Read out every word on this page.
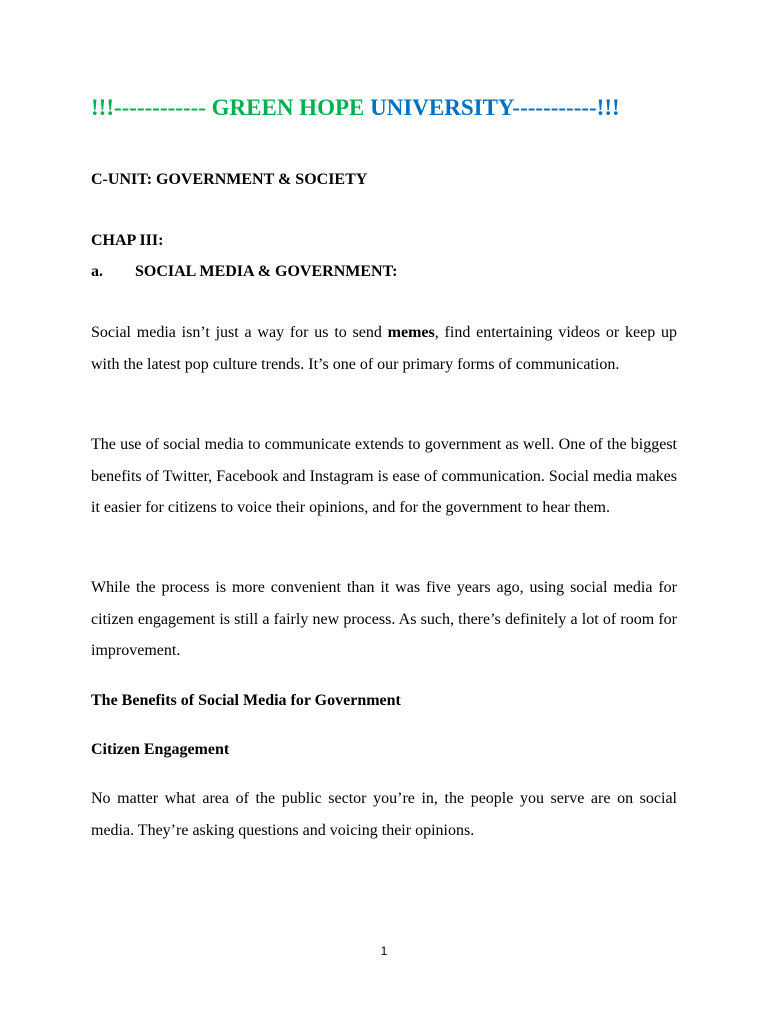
!!!------------ GREEN HOPE UNIVERSITY-----------!!!
C-UNIT: GOVERNMENT & SOCIETY
CHAP III:
a. SOCIAL MEDIA & GOVERNMENT:
Social media isn’t just a way for us to send memes, find entertaining videos or keep up with the latest pop culture trends. It’s one of our primary forms of communication.
The use of social media to communicate extends to government as well. One of the biggest benefits of Twitter, Facebook and Instagram is ease of communication. Social media makes it easier for citizens to voice their opinions, and for the government to hear them.
While the process is more convenient than it was five years ago, using social media for citizen engagement is still a fairly new process. As such, there’s definitely a lot of room for improvement.
The Benefits of Social Media for Government
Citizen Engagement
No matter what area of the public sector you’re in, the people you serve are on social media. They’re asking questions and voicing their opinions.
1
